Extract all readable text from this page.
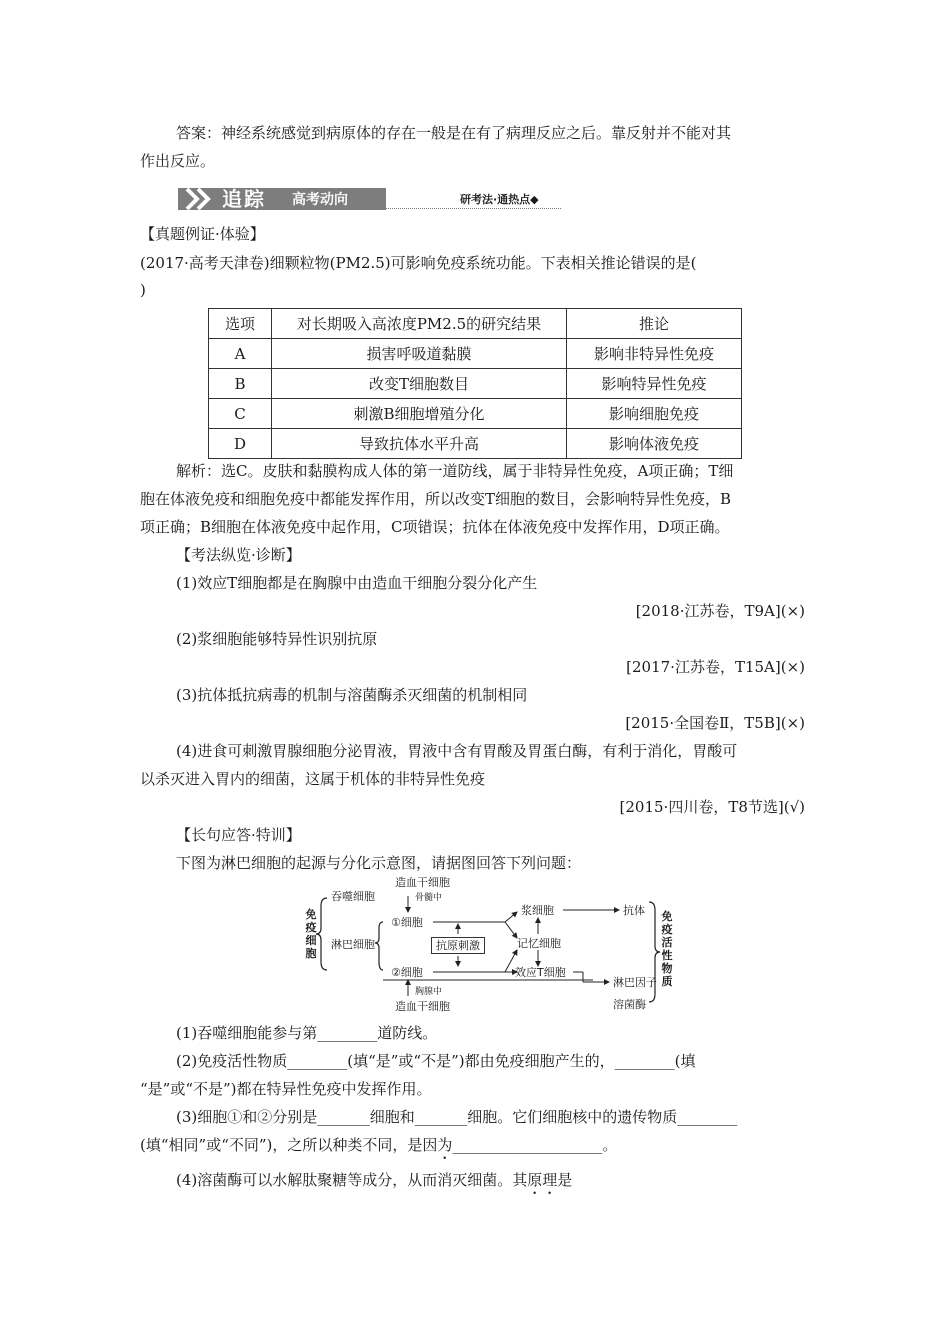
答案：神经系统感觉到病原体的存在一般是在有了病理反应之后。靠反射并不能对其
作出反应。
追踪 高考动向	研考法·通热点◆
【真题例证·体验】
(2017·高考天津卷)细颗粒物(PM2.5)可影响免疫系统功能。下表相关推论错误的是(
)
选项	对长期吸入高浓度PM2.5的研究结果	推论
A	损害呼吸道黏膜	影响非特异性免疫
B	改变T细胞数目	影响特异性免疫
C	刺激B细胞增殖分化	影响细胞免疫
D	导致抗体水平升高	影响体液免疫
解析：选C。皮肤和黏膜构成人体的第一道防线，属于非特异性免疫，A项正确；T细
胞在体液免疫和细胞免疫中都能发挥作用，所以改变T细胞的数目，会影响特异性免疫，B
项正确；B细胞在体液免疫中起作用，C项错误；抗体在体液免疫中发挥作用，D项正确。
【考法纵览·诊断】
(1)效应T细胞都是在胸腺中由造血干细胞分裂分化产生
[2018·江苏卷，T9A](×)
(2)浆细胞能够特异性识别抗原
[2017·江苏卷，T15A](×)
(3)抗体抵抗病毒的机制与溶菌酶杀灭细菌的机制相同
[2015·全国卷Ⅱ，T5B](×)
(4)进食可刺激胃腺细胞分泌胃液，胃液中含有胃酸及胃蛋白酶，有利于消化，胃酸可
以杀灭进入胃内的细菌，这属于机体的非特异性免疫
[2015·四川卷，T8节选](√)
【长句应答·特训】
下图为淋巴细胞的起源与分化示意图，请据图回答下列问题：
免疫细胞
吞噬细胞
淋巴细胞
造血干细胞
骨髓中
①细胞
②细胞
抗原刺激
浆细胞
记忆细胞
效应T细胞
抗体
淋巴因子
溶菌酶
胸腺中
造血干细胞
免疫活性物质
(1)吞噬细胞能参与第________道防线。
(2)免疫活性物质________(填“是”或“不是”)都由免疫细胞产生的，________(填
“是”或“不是”)都在特异性免疫中发挥作用。
(3)细胞①和②分别是_______细胞和_______细胞。它们细胞核中的遗传物质________
(填“相同”或“不同”)，之所以种类不同，是因为____________________。
(4)溶菌酶可以水解肽聚糖等成分，从而消灭细菌。其原理是
